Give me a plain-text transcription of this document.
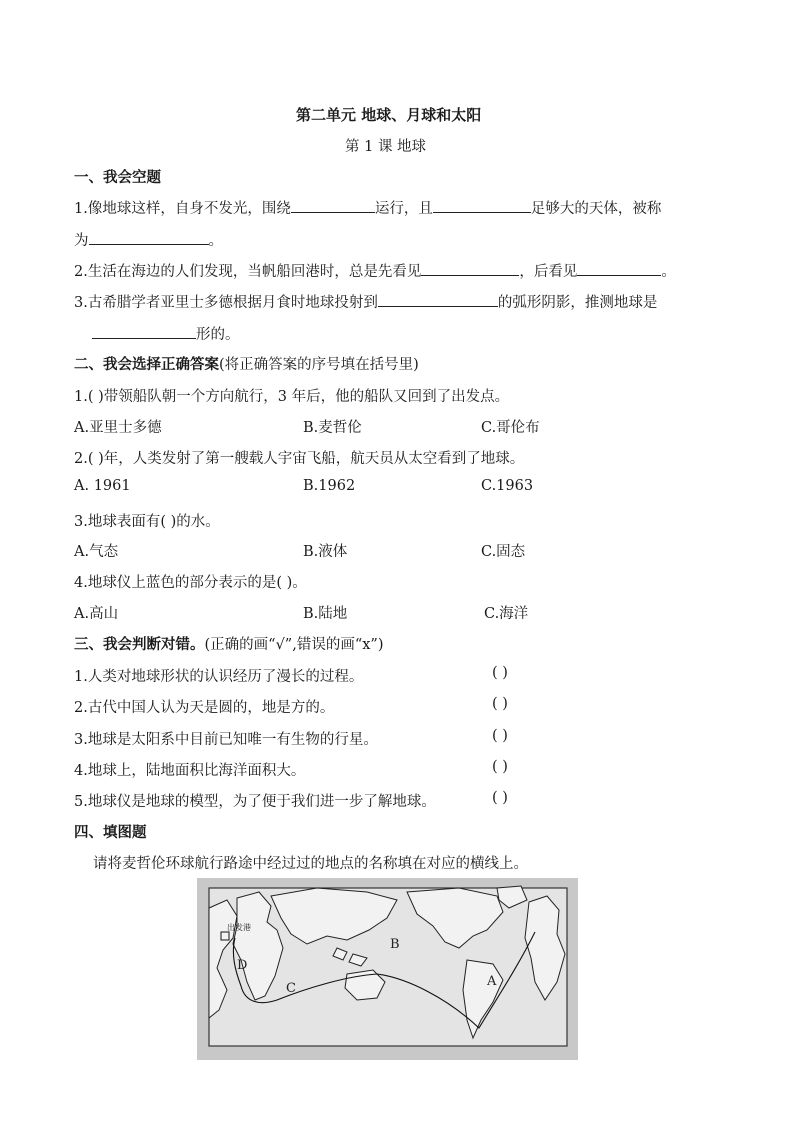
第二单元 地球、月球和太阳
第 1 课 地球
一、我会空题
1.像地球这样，自身不发光，围绕	运行，且	足够大的天体，被称
为	。
2.生活在海边的人们发现，当帆船回港时，总是先看见	，后看见	。
3.古希腊学者亚里士多德根据月食时地球投射到	的弧形阴影，推测地球是
形的。
二、我会选择正确答案(将正确答案的序号填在括号里)
1.( )带领船队朝一个方向航行，3 年后，他的船队又回到了出发点。
A.亚里士多德	B.麦哲伦	C.哥伦布
2.( )年，人类发射了第一艘载人宇宙飞船，航天员从太空看到了地球。
A. 1961	B.1962	C.1963
3.地球表面有( )的水。
A.气态	B.液体	C.固态
4.地球仪上蓝色的部分表示的是( )。
A.高山	B.陆地	C.海洋
三、我会判断对错。(正确的画“√”,错误的画“x”)
1.人类对地球形状的认识经历了漫长的过程。	( )
2.古代中国人认为天是圆的，地是方的。	( )
3.地球是太阳系中目前已知唯一有生物的行星。	( )
4.地球上，陆地面积比海洋面积大。	( )
5.地球仪是地球的模型，为了便于我们进一步了解地球。	( )
四、填图题
请将麦哲伦环球航行路途中经过过的地点的名称填在对应的横线上。
出发港
D
C
B
A
